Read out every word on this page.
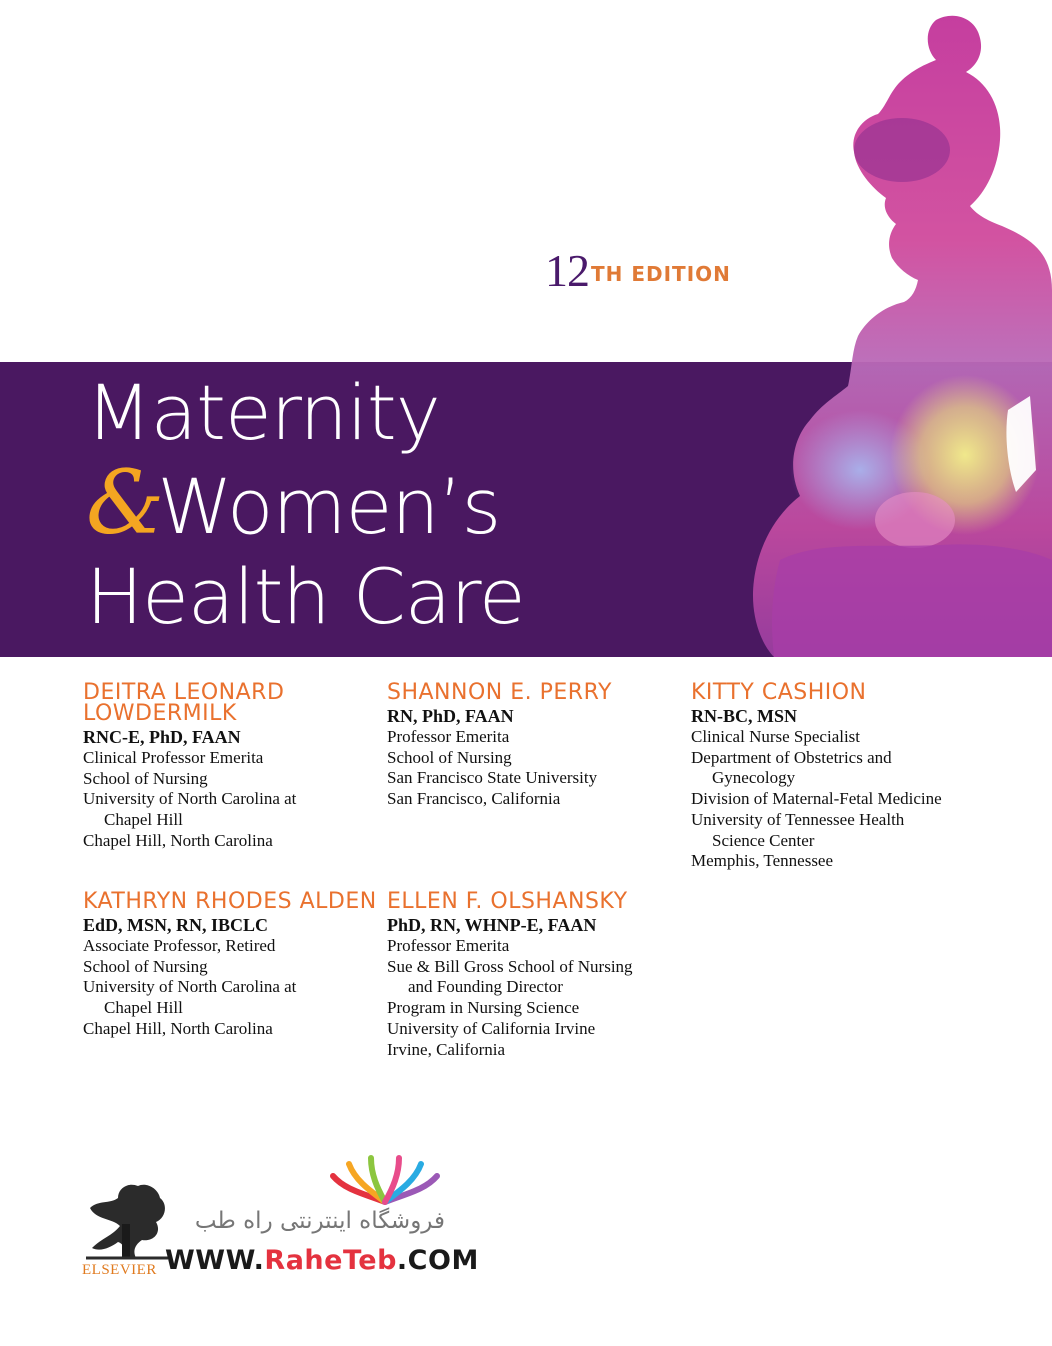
12 TH EDITION
Maternity
&Women’s
Health Care
DEITRA LEONARD LOWDERMILK
RNC-E, PhD, FAAN
Clinical Professor Emerita
School of Nursing
University of North Carolina at
Chapel Hill
Chapel Hill, North Carolina
SHANNON E. PERRY
RN, PhD, FAAN
Professor Emerita
School of Nursing
San Francisco State University
San Francisco, California
KITTY CASHION
RN-BC, MSN
Clinical Nurse Specialist
Department of Obstetrics and
Gynecology
Division of Maternal-Fetal Medicine
University of Tennessee Health
Science Center
Memphis, Tennessee
KATHRYN RHODES ALDEN
EdD, MSN, RN, IBCLC
Associate Professor, Retired
School of Nursing
University of North Carolina at
Chapel Hill
Chapel Hill, North Carolina
ELLEN F. OLSHANSKY
PhD, RN, WHNP-E, FAAN
Professor Emerita
Sue & Bill Gross School of Nursing
and Founding Director
Program in Nursing Science
University of California Irvine
Irvine, California
ELSEVIER
فروشگاه اینترنتی راه طب
WWW.RaheTeb.COM
